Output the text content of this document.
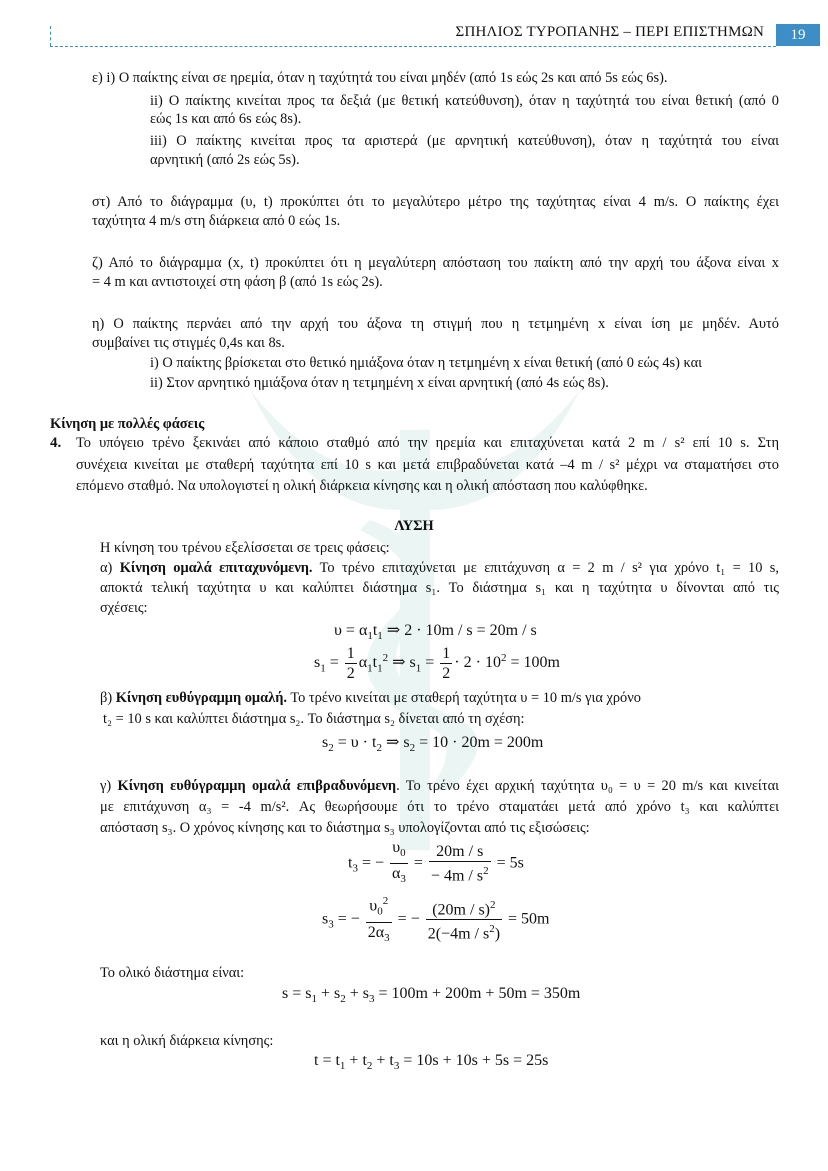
ΣΠΗΛΙΟΣ ΤΥΡΟΠΑΝΗΣ – ΠΕΡΙ ΕΠΙΣΤΗΜΩΝ	19
ε) i) Ο παίκτης είναι σε ηρεμία, όταν η ταχύτητά του είναι μηδέν (από 1s εώς 2s και από 5s εώς 6s).
ii) Ο παίκτης κινείται προς τα δεξιά (με θετική κατεύθυνση), όταν η ταχύτητά του είναι θετική (από 0
εώς 1s και από 6s εώς 8s).
iii) Ο παίκτης κινείται προς τα αριστερά (με αρνητική κατεύθυνση), όταν η ταχύτητά του είναι
αρνητική (από 2s εώς 5s).
στ) Από το διάγραμμα (υ, t) προκύπτει ότι το μεγαλύτερο μέτρο της ταχύτητας είναι 4 m/s. Ο παίκτης έχει
ταχύτητα 4 m/s στη διάρκεια από 0 εώς 1s.
ζ) Από το διάγραμμα (x, t) προκύπτει ότι η μεγαλύτερη απόσταση του παίκτη από την αρχή του άξονα είναι x
= 4 m και αντιστοιχεί στη φάση β (από 1s εώς 2s).
η) Ο παίκτης περνάει από την αρχή του άξονα τη στιγμή που η τετμημένη x είναι ίση με μηδέν. Αυτό
συμβαίνει τις στιγμές 0,4s και 8s.
i) Ο παίκτης βρίσκεται στο θετικό ημιάξονα όταν η τετμημένη x είναι θετική (από 0 εώς 4s) και
ii) Στον αρνητικό ημιάξονα όταν η τετμημένη x είναι αρνητική (από 4s εώς 8s).
Κίνηση με πολλές φάσεις
4. Το υπόγειο τρένο ξεκινάει από κάποιο σταθμό από την ηρεμία και επιταχύνεται κατά 2 m / s² επί 10 s. Στη
συνέχεια κινείται με σταθερή ταχύτητα επί 10 s και μετά επιβραδύνεται κατά –4 m / s² μέχρι να σταματήσει στο
επόμενο σταθμό. Να υπολογιστεί η ολική διάρκεια κίνησης και η ολική απόσταση που καλύφθηκε.
ΛΥΣΗ
Η κίνηση του τρένου εξελίσσεται σε τρεις φάσεις:
α) Κίνηση ομαλά επιταχυνόμενη. Το τρένο επιταχύνεται με επιτάχυνση α = 2 m / s² για χρόνο t₁ = 10 s,
αποκτά τελική ταχύτητα υ και καλύπτει διάστημα s₁. Το διάστημα s₁ και η ταχύτητα υ δίνονται από τις
σχέσεις:
$\upsilon = \alpha_1t_1$ ⇒ 2 · 10m / s = 20m / s
$s_1 = \frac{1}{2} \alpha_1t_1^2$ ⇒ $s_1 = \frac{1}{2} \cdot 2 \cdot 10^2 = 100m$
β) Κίνηση ευθύγραμμη ομαλή. Το τρένο κινείται με σταθερή ταχύτητα υ = 10 m/s για χρόνο
t₂ = 10 s και καλύπτει διάστημα s₂. Το διάστημα s₂ δίνεται από τη σχέση:
$s_2 = \upsilon \cdot t_2$ ⇒ $s_2 = 10 \cdot 20m = 200m$
γ) Κίνηση ευθύγραμμη ομαλά επιβραδυνόμενη. Το τρένο έχει αρχική ταχύτητα υ₀ = υ = 20 m/s και κινείται
με επιτάχυνση α₃ = -4 m/s². Ας θεωρήσουμε ότι το τρένο σταματάει μετά από χρόνο t₃ και καλύπτει
απόσταση s₃. Ο χρόνος κίνησης και το διάστημα s₃ υπολογίζονται από τις εξισώσεις:
$t_3$ = − $\frac{\upsilon_0}{\alpha_3} = \frac{20m / s}{- 4m / s^2} = 5s$
$s_3$ = − $\frac{\upsilon_0^2}{2\alpha_3}$ = − $\frac{(20m / s)^2}{2(-4m / s^2)} = 50m$
Το ολικό διάστημα είναι:
$s = s_1 + s_2 + s_3 = 100m + 200m + 50m = 350m$
και η ολική διάρκεια κίνησης:
$t = t_1 + t_2 + t_3 = 10s + 10s + 5s = 25s$
